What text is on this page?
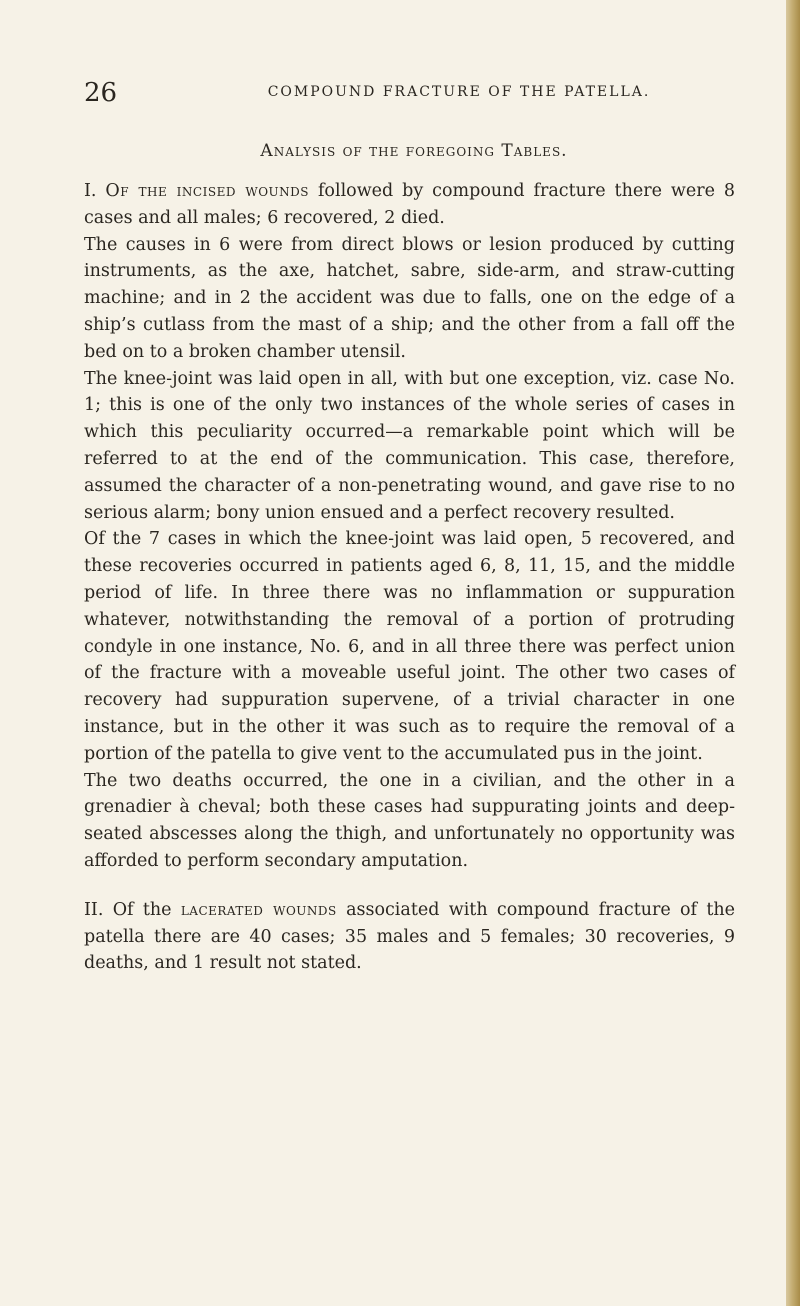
26	COMPOUND FRACTURE OF THE PATELLA.
Analysis of the foregoing Tables.

I. Of the incised wounds followed by compound fracture there were 8 cases and all males; 6 recovered, 2 died.

The causes in 6 were from direct blows or lesion produced by cutting instruments, as the axe, hatchet, sabre, side-arm, and straw-cutting machine; and in 2 the accident was due to falls, one on the edge of a ship’s cutlass from the mast of a ship; and the other from a fall off the bed on to a broken chamber utensil.

The knee-joint was laid open in all, with but one exception, viz. case No. 1; this is one of the only two instances of the whole series of cases in which this peculiarity occurred—a remarkable point which will be referred to at the end of the communication. This case, therefore, assumed the character of a non-penetrating wound, and gave rise to no serious alarm; bony union ensued and a perfect recovery resulted.

Of the 7 cases in which the knee-joint was laid open, 5 recovered, and these recoveries occurred in patients aged 6, 8, 11, 15, and the middle period of life. In three there was no inflammation or suppuration whatever, notwithstanding the removal of a portion of protruding condyle in one instance, No. 6, and in all three there was perfect union of the fracture with a moveable useful joint. The other two cases of recovery had suppuration supervene, of a trivial character in one instance, but in the other it was such as to require the removal of a portion of the patella to give vent to the accumulated pus in the joint.

The two deaths occurred, the one in a civilian, and the other in a grenadier à cheval; both these cases had suppurating joints and deep-seated abscesses along the thigh, and unfortunately no opportunity was afforded to perform secondary amputation.

II. Of the lacerated wounds associated with compound fracture of the patella there are 40 cases; 35 males and 5 females; 30 recoveries, 9 deaths, and 1 result not stated.
